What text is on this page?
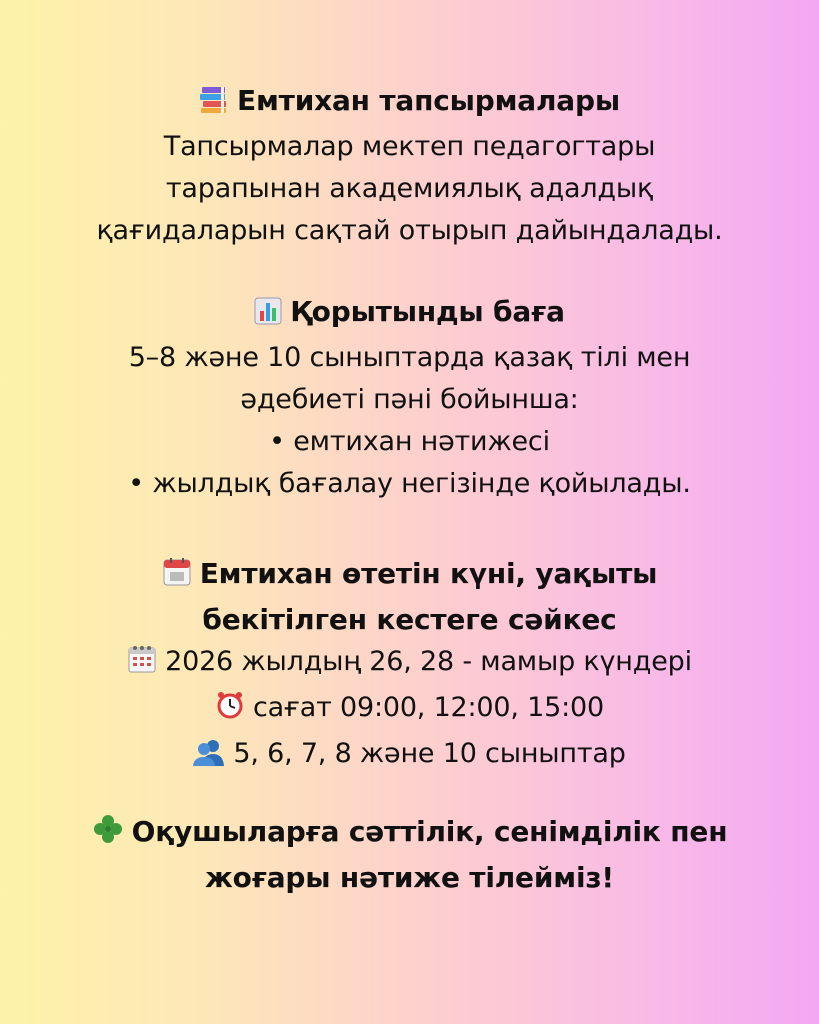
Емтихан тапсырмалары
Тапсырмалар мектеп педагогтары
тарапынан академиялық адалдық
қағидаларын сақтай отырып дайындалады.
Қорытынды баға
5–8 және 10 сыныптарда қазақ тілі мен
әдебиеті пәні бойынша:
• емтихан нәтижесі
• жылдық бағалау негізінде қойылады.
Емтихан өтетін күні, уақыты
бекітілген кестеге сәйкес
2026 жылдың 26, 28 - мамыр күндері
сағат 09:00, 12:00, 15:00
5, 6, 7, 8 және 10 сыныптар
Оқушыларға сәттілік, сенімділік пен
жоғары нәтиже тілейміз!
